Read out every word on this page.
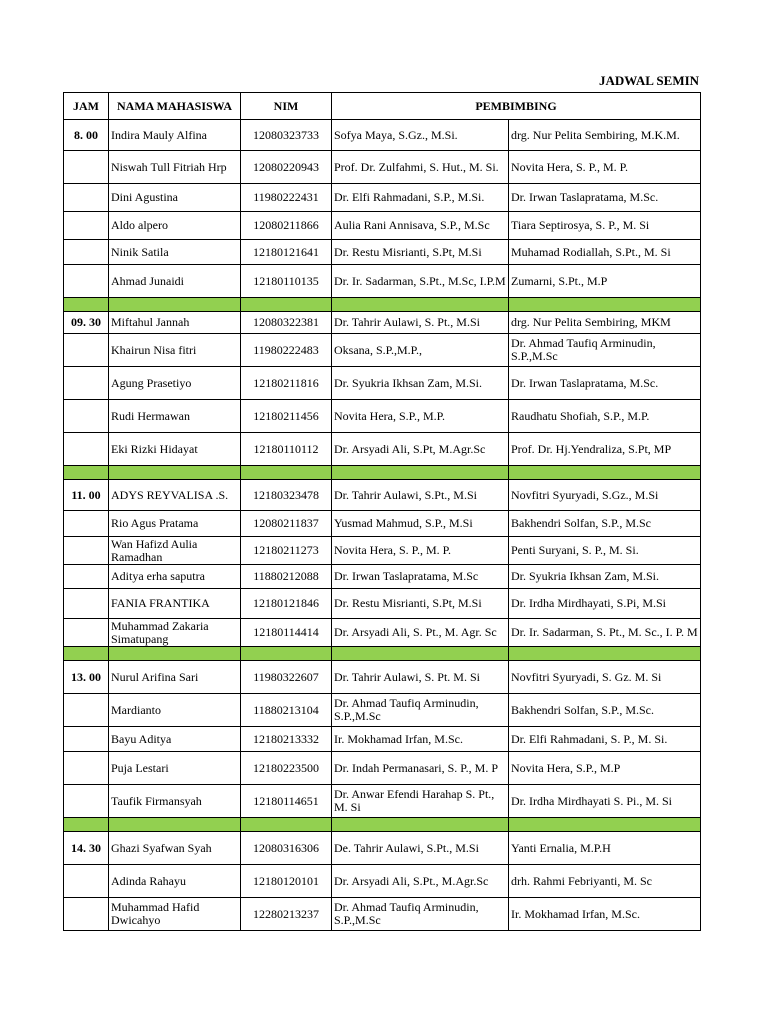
JADWAL SEMIN
JAM	NAMA MAHASISWA	NIM	PEMBIMBING	
8. 00	Indira Mauly Alfina	12080323733	Sofya Maya, S.Gz., M.Si.	drg. Nur Pelita Sembiring, M.K.M.
	Niswah Tull Fitriah Hrp	12080220943	Prof. Dr. Zulfahmi, S. Hut., M. Si.	Novita Hera, S. P., M. P.
	Dini Agustina	11980222431	Dr. Elfi Rahmadani, S.P., M.Si.	Dr. Irwan Taslapratama, M.Sc.
	Aldo alpero	12080211866	Aulia Rani Annisava, S.P., M.Sc	Tiara Septirosya, S. P., M. Si
	Ninik Satila	12180121641	Dr. Restu Misrianti, S.Pt, M.Si	Muhamad Rodiallah, S.Pt., M. Si
	Ahmad Junaidi	12180110135	Dr. Ir. Sadarman, S.Pt., M.Sc, I.P.M	Zumarni, S.Pt., M.P

09. 30	Miftahul Jannah	12080322381	Dr. Tahrir Aulawi, S. Pt., M.Si	drg. Nur Pelita Sembiring, MKM
	Khairun Nisa fitri	11980222483	Oksana, S.P.,M.P.,	Dr. Ahmad Taufiq Arminudin, S.P.,M.Sc
	Agung Prasetiyo	12180211816	Dr. Syukria Ikhsan Zam, M.Si.	Dr. Irwan Taslapratama, M.Sc.
	Rudi Hermawan	12180211456	Novita Hera, S.P., M.P.	Raudhatu Shofiah, S.P., M.P.
	Eki Rizki Hidayat	12180110112	Dr. Arsyadi Ali, S.Pt, M.Agr.Sc	Prof. Dr. Hj.Yendraliza, S.Pt, MP

11. 00	ADYS REYVALISA .S.	12180323478	Dr. Tahrir Aulawi, S.Pt., M.Si	Novfitri Syuryadi, S.Gz., M.Si
	Rio Agus Pratama	12080211837	Yusmad Mahmud, S.P., M.Si	Bakhendri Solfan, S.P., M.Sc
	Wan Hafizd Aulia Ramadhan	12180211273	Novita Hera, S. P., M. P.	Penti Suryani, S. P., M. Si.
	Aditya erha saputra	11880212088	Dr. Irwan Taslapratama, M.Sc	Dr. Syukria Ikhsan Zam, M.Si.
	FANIA FRANTIKA	12180121846	Dr. Restu Misrianti, S.Pt, M.Si	Dr. Irdha Mirdhayati, S.Pi, M.Si
	Muhammad Zakaria Simatupang	12180114414	Dr. Arsyadi Ali, S. Pt., M. Agr. Sc	Dr. Ir. Sadarman, S. Pt., M. Sc., I. P. M

13. 00	Nurul Arifina Sari	11980322607	Dr. Tahrir Aulawi, S. Pt. M. Si	Novfitri Syuryadi, S. Gz. M. Si
	Mardianto	11880213104	Dr. Ahmad Taufiq Arminudin, S.P.,M.Sc	Bakhendri Solfan, S.P., M.Sc.
	Bayu Aditya	12180213332	Ir. Mokhamad Irfan, M.Sc.	Dr. Elfi Rahmadani, S. P., M. Si.
	Puja Lestari	12180223500	Dr. Indah Permanasari, S. P., M. P	Novita Hera, S.P., M.P
	Taufik Firmansyah	12180114651	Dr. Anwar Efendi Harahap S. Pt., M. Si	Dr. Irdha Mirdhayati S. Pi., M. Si

14. 30	Ghazi Syafwan Syah	12080316306	De. Tahrir Aulawi, S.Pt., M.Si	Yanti Ernalia, M.P.H
	Adinda Rahayu	12180120101	Dr. Arsyadi Ali, S.Pt., M.Agr.Sc	drh. Rahmi Febriyanti, M. Sc
	Muhammad Hafid Dwicahyo	12280213237	Dr. Ahmad Taufiq Arminudin, S.P.,M.Sc	Ir. Mokhamad Irfan, M.Sc.
